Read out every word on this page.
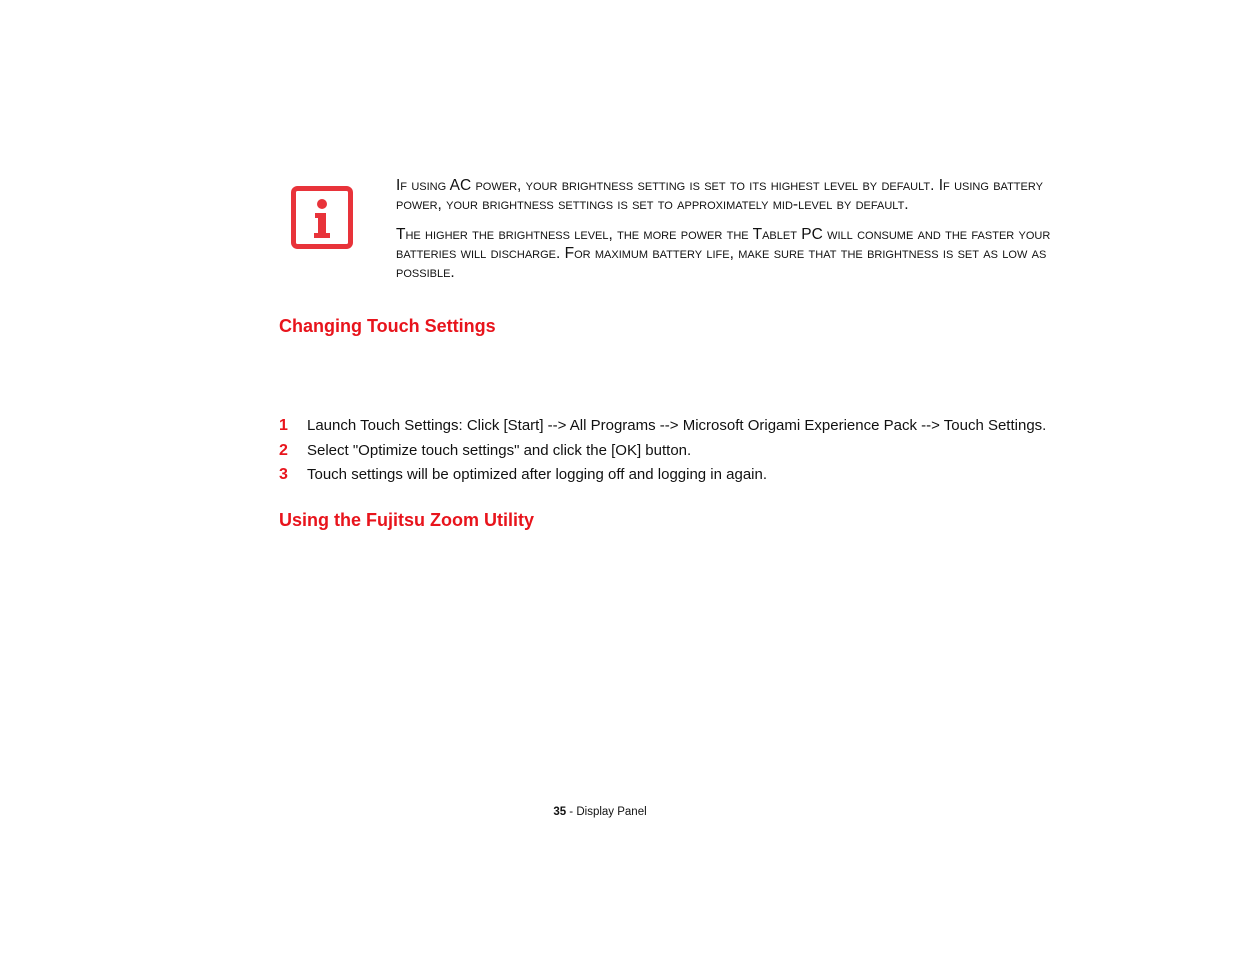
If using AC power, your brightness setting is set to its highest level by default. If using battery power, your brightness settings is set to approximately mid-level by default.

The higher the brightness level, the more power the Tablet PC will consume and the faster your batteries will discharge. For maximum battery life, make sure that the brightness is set as low as possible.

Changing Touch Settings
1 Launch Touch Settings: Click [Start] --> All Programs --> Microsoft Origami Experience Pack --> Touch Settings.
2 Select "Optimize touch settings" and click the [OK] button.
3 Touch settings will be optimized after logging off and logging in again.
Using the Fujitsu Zoom Utility
35 - Display Panel
